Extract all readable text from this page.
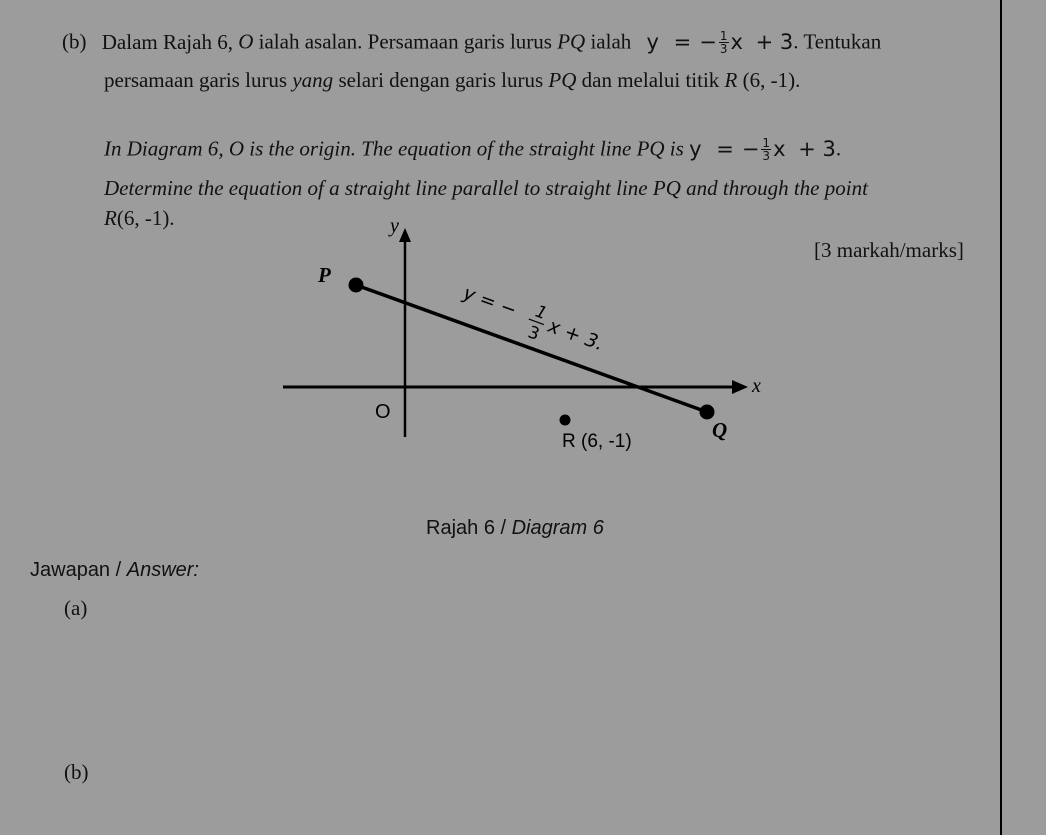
(b) Dalam Rajah 6, O ialah asalan. Persamaan garis lurus PQ ialah y = − $\frac{1}{3}$ x + 3. Tentukan
persamaan garis lurus yang selari dengan garis lurus PQ dan melalui titik R (6, -1).
In Diagram 6, O is the origin. The equation of the straight line PQ is y = − $\frac{1}{3}$ x + 3.
Determine the equation of a straight line parallel to straight line PQ and through the point
R(6, -1).
[3 markah/marks]
y
x
O
P
Q
R (6, -1)
y = − 1
3 x + 3.
Rajah 6 / Diagram 6
Jawapan / Answer:
(a)
(b)
